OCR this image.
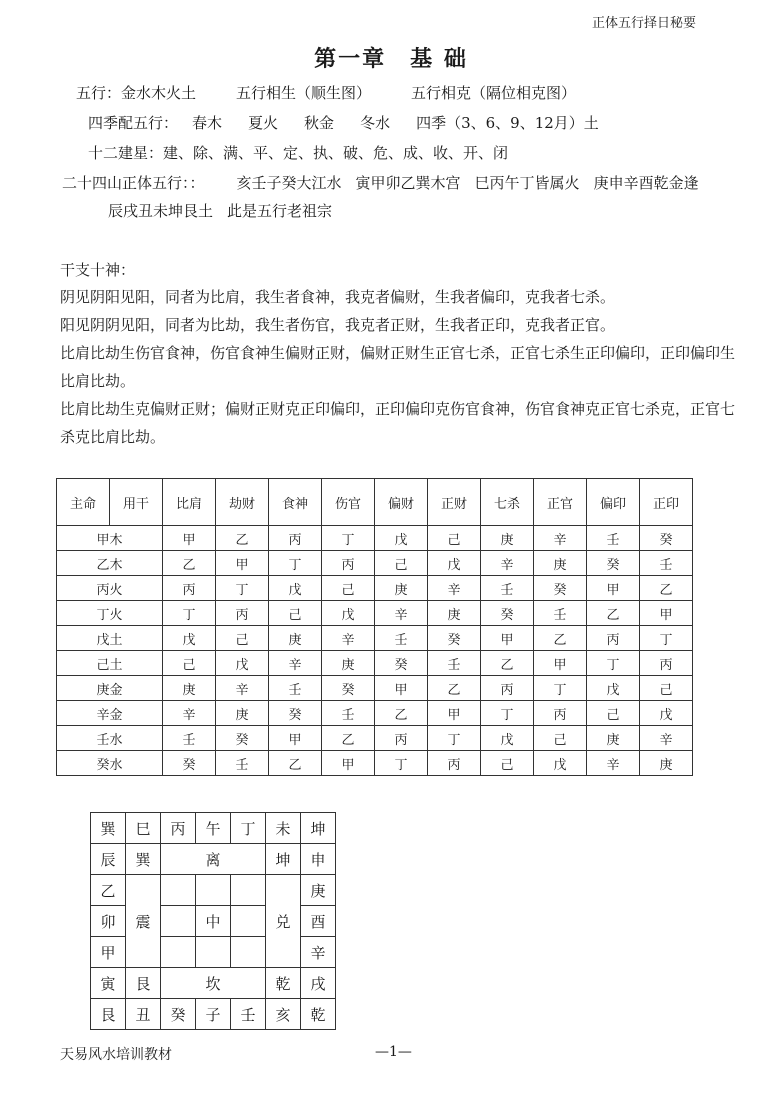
正体五行择日秘要
第一章　基 础
五行：金水木火土	五行相生（顺生图）	五行相克（隔位相克图）
四季配五行： 春木 夏火 秋金 冬水 四季（3、6、9、12月）土
十二建星：建、除、满、平、定、执、破、危、成、收、开、闭
二十四山正体五行：： 亥壬子癸大江水 寅甲卯乙巽木宫 巳丙午丁皆属火 庚申辛酉乾金逢
辰戌丑未坤艮土 此是五行老祖宗
干支十神：
阴见阴阳见阳，同者为比肩，我生者食神，我克者偏财，生我者偏印，克我者七杀。
阳见阴阴见阳，同者为比劫，我生者伤官，我克者正财，生我者正印，克我者正官。
比肩比劫生伤官食神，伤官食神生偏财正财，偏财正财生正官七杀，正官七杀生正印偏印，正印偏印生比肩比劫。
比肩比劫生克偏财正财；偏财正财克正印偏印，正印偏印克伤官食神，伤官食神克正官七杀克，正官七杀克比肩比劫。
主命	用干	比肩	劫财	食神	伤官	偏财	正财	七杀	正官	偏印	正印
甲木		甲	乙	丙	丁	戊	己	庚	辛	壬	癸
乙木		乙	甲	丁	丙	己	戊	辛	庚	癸	壬
丙火		丙	丁	戊	己	庚	辛	壬	癸	甲	乙
丁火		丁	丙	己	戊	辛	庚	癸	壬	乙	甲
戊土		戊	己	庚	辛	壬	癸	甲	乙	丙	丁
己土		己	戊	辛	庚	癸	壬	乙	甲	丁	丙
庚金		庚	辛	壬	癸	甲	乙	丙	丁	戊	己
辛金		辛	庚	癸	壬	乙	甲	丁	丙	己	戊
壬水		壬	癸	甲	乙	丙	丁	戊	己	庚	辛
癸水		癸	壬	乙	甲	丁	丙	己	戊	辛	庚
巽	巳	丙	午	丁	未	坤
辰	巽	离			坤	申
乙	震				兑	庚
卯			中			酉
甲						辛
寅	艮	坎			乾	戌
艮	丑	癸	子	壬	亥	乾
天易风水培训教材	—1—
